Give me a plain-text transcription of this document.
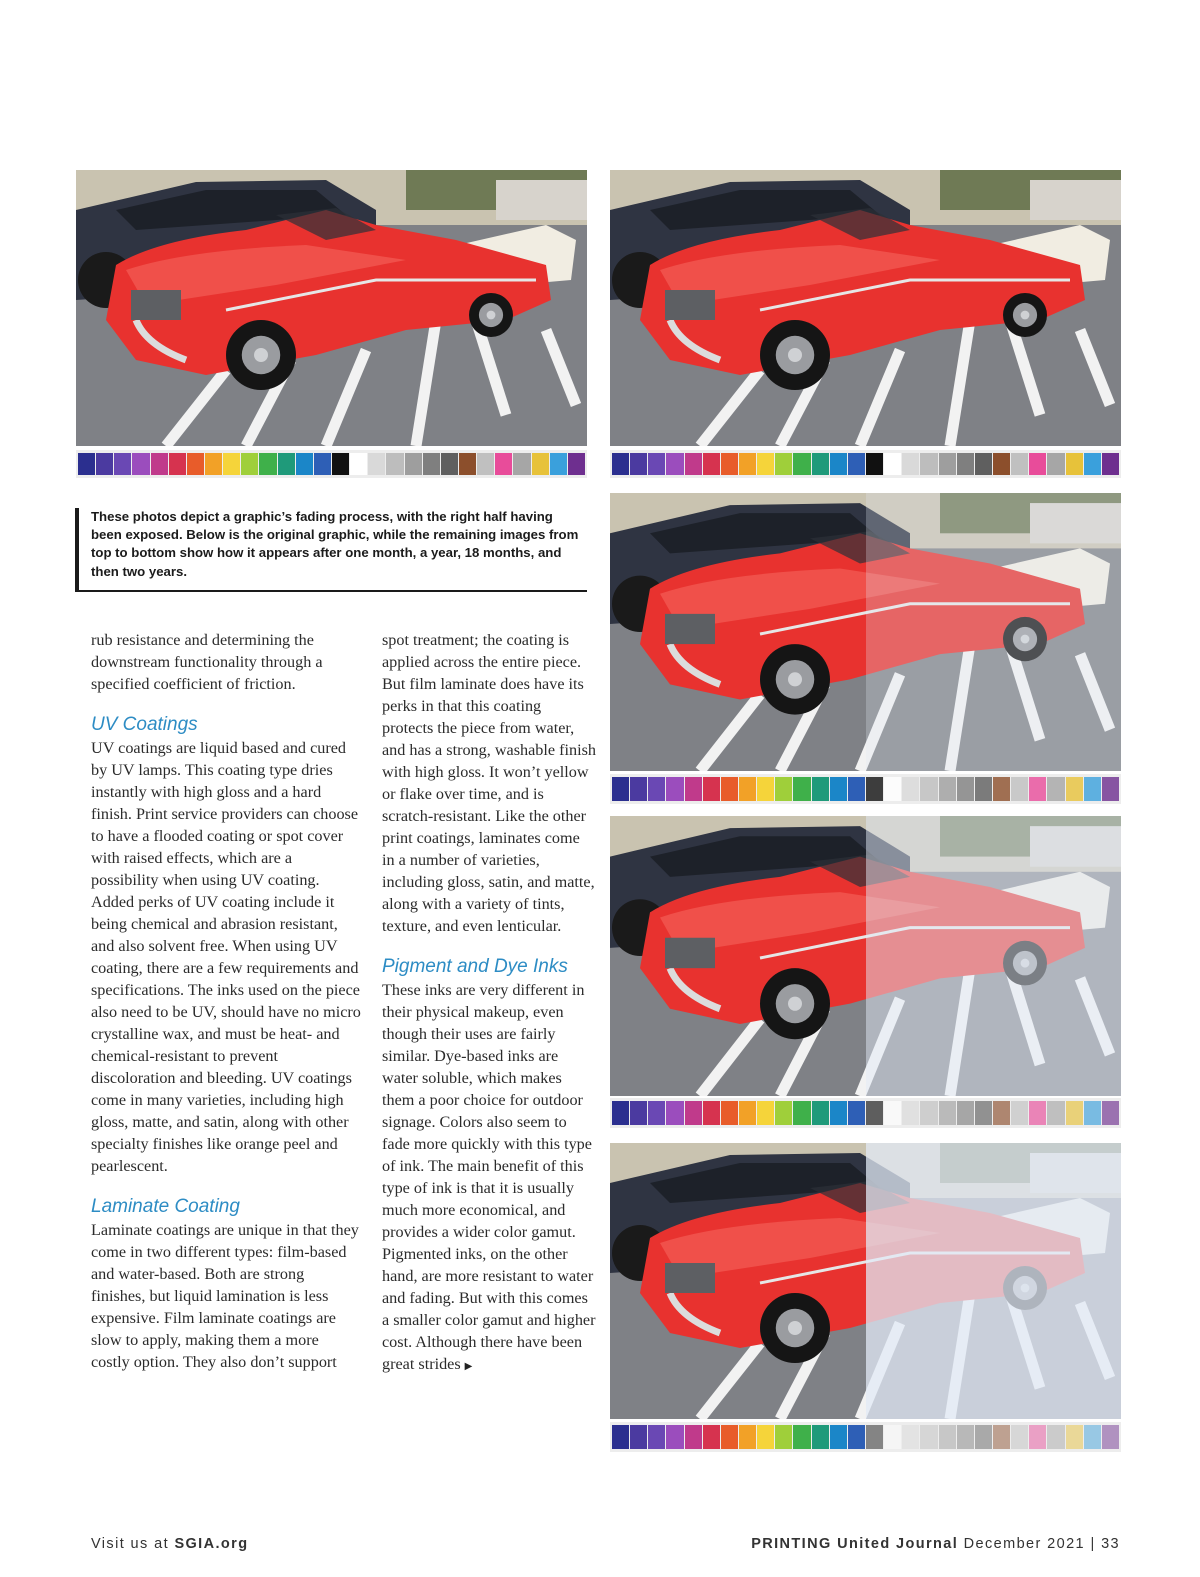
These photos depict a graphic’s fading process, with the right half having been exposed. Below is the original graphic, while the remaining images from top to bottom show how it appears after one month, a year, 18 months, and then two years.

rub resistance and determining the downstream functionality through a specified coefficient of friction.

UV Coatings

UV coatings are liquid based and cured by UV lamps. This coating type dries instantly with high gloss and a hard finish. Print service providers can choose to have a flooded coating or spot cover with raised effects, which are a possibility when using UV coating. Added perks of UV coating include it being chemical and abrasion resistant, and also solvent free. When using UV coating, there are a few requirements and specifications. The inks used on the piece also need to be UV, should have no micro crystalline wax, and must be heat- and chemical-resistant to prevent discoloration and bleeding. UV coatings come in many varieties, including high gloss, matte, and satin, along with other specialty finishes like orange peel and pearlescent.

Laminate Coating

Laminate coatings are unique in that they come in two different types: film-based and water-based. Both are strong finishes, but liquid lamination is less expensive. Film laminate coatings are slow to apply, making them a more costly option. They also don’t support

spot treatment; the coating is applied across the entire piece. But film laminate does have its perks in that this coating protects the piece from water, and has a strong, washable finish with high gloss. It won’t yellow or flake over time, and is scratch-resistant. Like the other print coatings, laminates come in a number of varieties, including gloss, satin, and matte, along with a variety of tints, texture, and even lenticular.

Pigment and Dye Inks

These inks are very different in their physical makeup, even though their uses are fairly similar. Dye-based inks are water soluble, which makes them a poor choice for outdoor signage. Colors also seem to fade more quickly with this type of ink. The main benefit of this type of ink is that it is usually much more economical, and provides a wider color gamut. Pigmented inks, on the other hand, are more resistant to water and fading. But with this comes a smaller color gamut and higher cost. Although there have been great strides ▶

Visit us at SGIA.org	PRINTING United Journal December 2021 | 33
